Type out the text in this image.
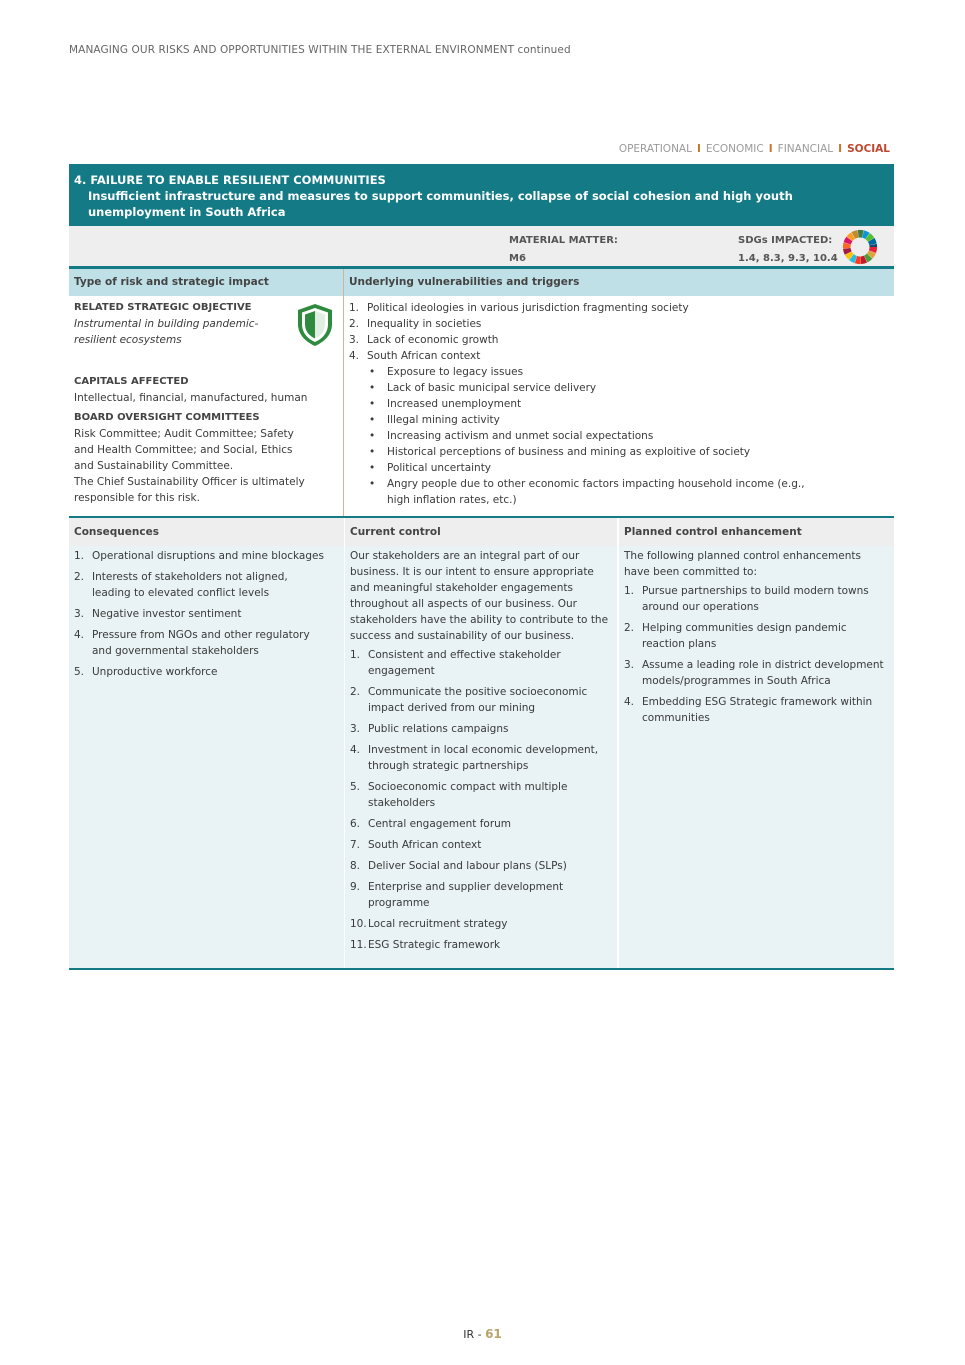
MANAGING OUR RISKS AND OPPORTUNITIES WITHIN THE EXTERNAL ENVIRONMENT continued
OPERATIONAL I ECONOMIC I FINANCIAL I SOCIAL
4. FAILURE TO ENABLE RESILIENT COMMUNITIES
Insufficient infrastructure and measures to support communities, collapse of social cohesion and high youth unemployment in South Africa
MATERIAL MATTER:
M6
SDGs IMPACTED:
1.4, 8.3, 9.3, 10.4
Type of risk and strategic impact
RELATED STRATEGIC OBJECTIVE
Instrumental in building pandemic-resilient ecosystems
CAPITALS AFFECTED
Intellectual, financial, manufactured, human
BOARD OVERSIGHT COMMITTEES
Risk Committee; Audit Committee; Safety and Health Committee; and Social, Ethics and Sustainability Committee.
The Chief Sustainability Officer is ultimately responsible for this risk.
Underlying vulnerabilities and triggers
1. Political ideologies in various jurisdiction fragmenting society
2. Inequality in societies
3. Lack of economic growth
4. South African context
• Exposure to legacy issues
• Lack of basic municipal service delivery
• Increased unemployment
• Illegal mining activity
• Increasing activism and unmet social expectations
• Historical perceptions of business and mining as exploitive of society
• Political uncertainty
• Angry people due to other economic factors impacting household income (e.g., high inflation rates, etc.)
Consequences
1. Operational disruptions and mine blockages
2. Interests of stakeholders not aligned, leading to elevated conflict levels
3. Negative investor sentiment
4. Pressure from NGOs and other regulatory and governmental stakeholders
5. Unproductive workforce
Current control

Our stakeholders are an integral part of our business. It is our intent to ensure appropriate and meaningful stakeholder engagements throughout all aspects of our business. Our stakeholders have the ability to contribute to the success and sustainability of our business.

1. Consistent and effective stakeholder engagement
2. Communicate the positive socioeconomic impact derived from our mining
3. Public relations campaigns
4. Investment in local economic development, through strategic partnerships
5. Socioeconomic compact with multiple stakeholders
6. Central engagement forum
7. South African context
8. Deliver Social and labour plans (SLPs)
9. Enterprise and supplier development programme
10. Local recruitment strategy
11. ESG Strategic framework
Planned control enhancement

The following planned control enhancements have been committed to:

1. Pursue partnerships to build modern towns around our operations
2. Helping communities design pandemic reaction plans
3. Assume a leading role in district development models/programmes in South Africa
4. Embedding ESG Strategic framework within communities
IR - 61
